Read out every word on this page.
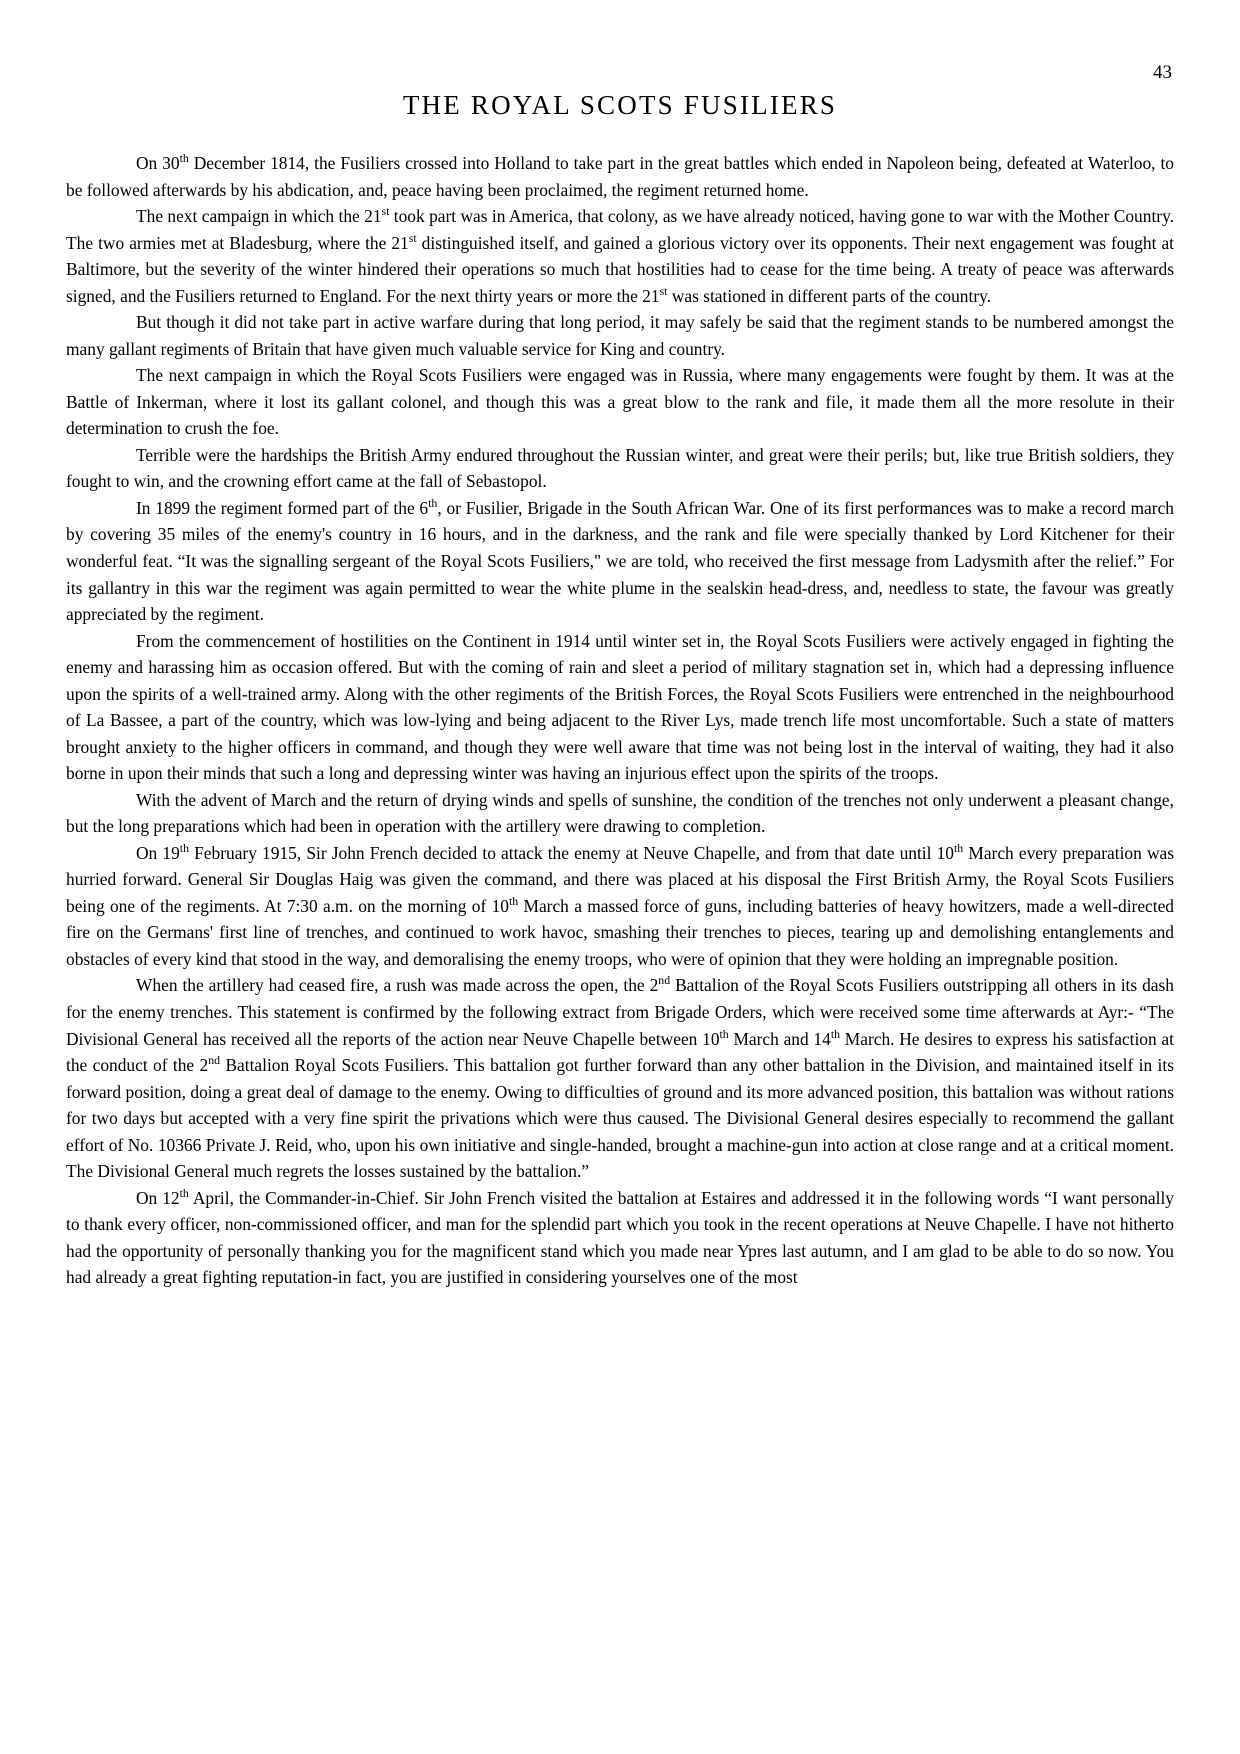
43
THE ROYAL SCOTS FUSILIERS

On 30th December 1814, the Fusiliers crossed into Holland to take part in the great battles which ended in Napoleon being, defeated at Waterloo, to be followed afterwards by his abdication, and, peace having been proclaimed, the regiment returned home.

The next campaign in which the 21st took part was in America, that colony, as we have already noticed, having gone to war with the Mother Country. The two armies met at Bladesburg, where the 21st distinguished itself, and gained a glorious victory over its opponents. Their next engagement was fought at Baltimore, but the severity of the winter hindered their operations so much that hostilities had to cease for the time being. A treaty of peace was afterwards signed, and the Fusiliers returned to England. For the next thirty years or more the 21st was stationed in different parts of the country.

But though it did not take part in active warfare during that long period, it may safely be said that the regiment stands to be numbered amongst the many gallant regiments of Britain that have given much valuable service for King and country.

The next campaign in which the Royal Scots Fusiliers were engaged was in Russia, where many engagements were fought by them. It was at the Battle of Inkerman, where it lost its gallant colonel, and though this was a great blow to the rank and file, it made them all the more resolute in their determination to crush the foe.

Terrible were the hardships the British Army endured throughout the Russian winter, and great were their perils; but, like true British soldiers, they fought to win, and the crowning effort came at the fall of Sebastopol.

In 1899 the regiment formed part of the 6th, or Fusilier, Brigade in the South African War. One of its first performances was to make a record march by covering 35 miles of the enemy's country in 16 hours, and in the darkness, and the rank and file were specially thanked by Lord Kitchener for their wonderful feat. “It was the signalling sergeant of the Royal Scots Fusiliers," we are told, who received the first message from Ladysmith after the relief.” For its gallantry in this war the regiment was again permitted to wear the white plume in the sealskin head-dress, and, needless to state, the favour was greatly appreciated by the regiment.

From the commencement of hostilities on the Continent in 1914 until winter set in, the Royal Scots Fusiliers were actively engaged in fighting the enemy and harassing him as occasion offered. But with the coming of rain and sleet a period of military stagnation set in, which had a depressing influence upon the spirits of a well-trained army. Along with the other regiments of the British Forces, the Royal Scots Fusiliers were entrenched in the neighbourhood of La Bassee, a part of the country, which was low-lying and being adjacent to the River Lys, made trench life most uncomfortable. Such a state of matters brought anxiety to the higher officers in command, and though they were well aware that time was not being lost in the interval of waiting, they had it also borne in upon their minds that such a long and depressing winter was having an injurious effect upon the spirits of the troops.

With the advent of March and the return of drying winds and spells of sunshine, the condition of the trenches not only underwent a pleasant change, but the long preparations which had been in operation with the artillery were drawing to completion.

On 19th February 1915, Sir John French decided to attack the enemy at Neuve Chapelle, and from that date until 10th March every preparation was hurried forward. General Sir Douglas Haig was given the command, and there was placed at his disposal the First British Army, the Royal Scots Fusiliers being one of the regiments. At 7:30 a.m. on the morning of 10th March a massed force of guns, including batteries of heavy howitzers, made a well-directed fire on the Germans' first line of trenches, and continued to work havoc, smashing their trenches to pieces, tearing up and demolishing entanglements and obstacles of every kind that stood in the way, and demoralising the enemy troops, who were of opinion that they were holding an impregnable position.

When the artillery had ceased fire, a rush was made across the open, the 2nd Battalion of the Royal Scots Fusiliers outstripping all others in its dash for the enemy trenches. This statement is confirmed by the following extract from Brigade Orders, which were received some time afterwards at Ayr:- “The Divisional General has received all the reports of the action near Neuve Chapelle between 10th March and 14th March. He desires to express his satisfaction at the conduct of the 2nd Battalion Royal Scots Fusiliers. This battalion got further forward than any other battalion in the Division, and maintained itself in its forward position, doing a great deal of damage to the enemy. Owing to difficulties of ground and its more advanced position, this battalion was without rations for two days but accepted with a very fine spirit the privations which were thus caused. The Divisional General desires especially to recommend the gallant effort of No. 10366 Private J. Reid, who, upon his own initiative and single-handed, brought a machine-gun into action at close range and at a critical moment. The Divisional General much regrets the losses sustained by the battalion.”

On 12th April, the Commander-in-Chief. Sir John French visited the battalion at Estaires and addressed it in the following words “I want personally to thank every officer, non-commissioned officer, and man for the splendid part which you took in the recent operations at Neuve Chapelle. I have not hitherto had the opportunity of personally thanking you for the magnificent stand which you made near Ypres last autumn, and I am glad to be able to do so now. You had already a great fighting reputation-in fact, you are justified in considering yourselves one of the most
